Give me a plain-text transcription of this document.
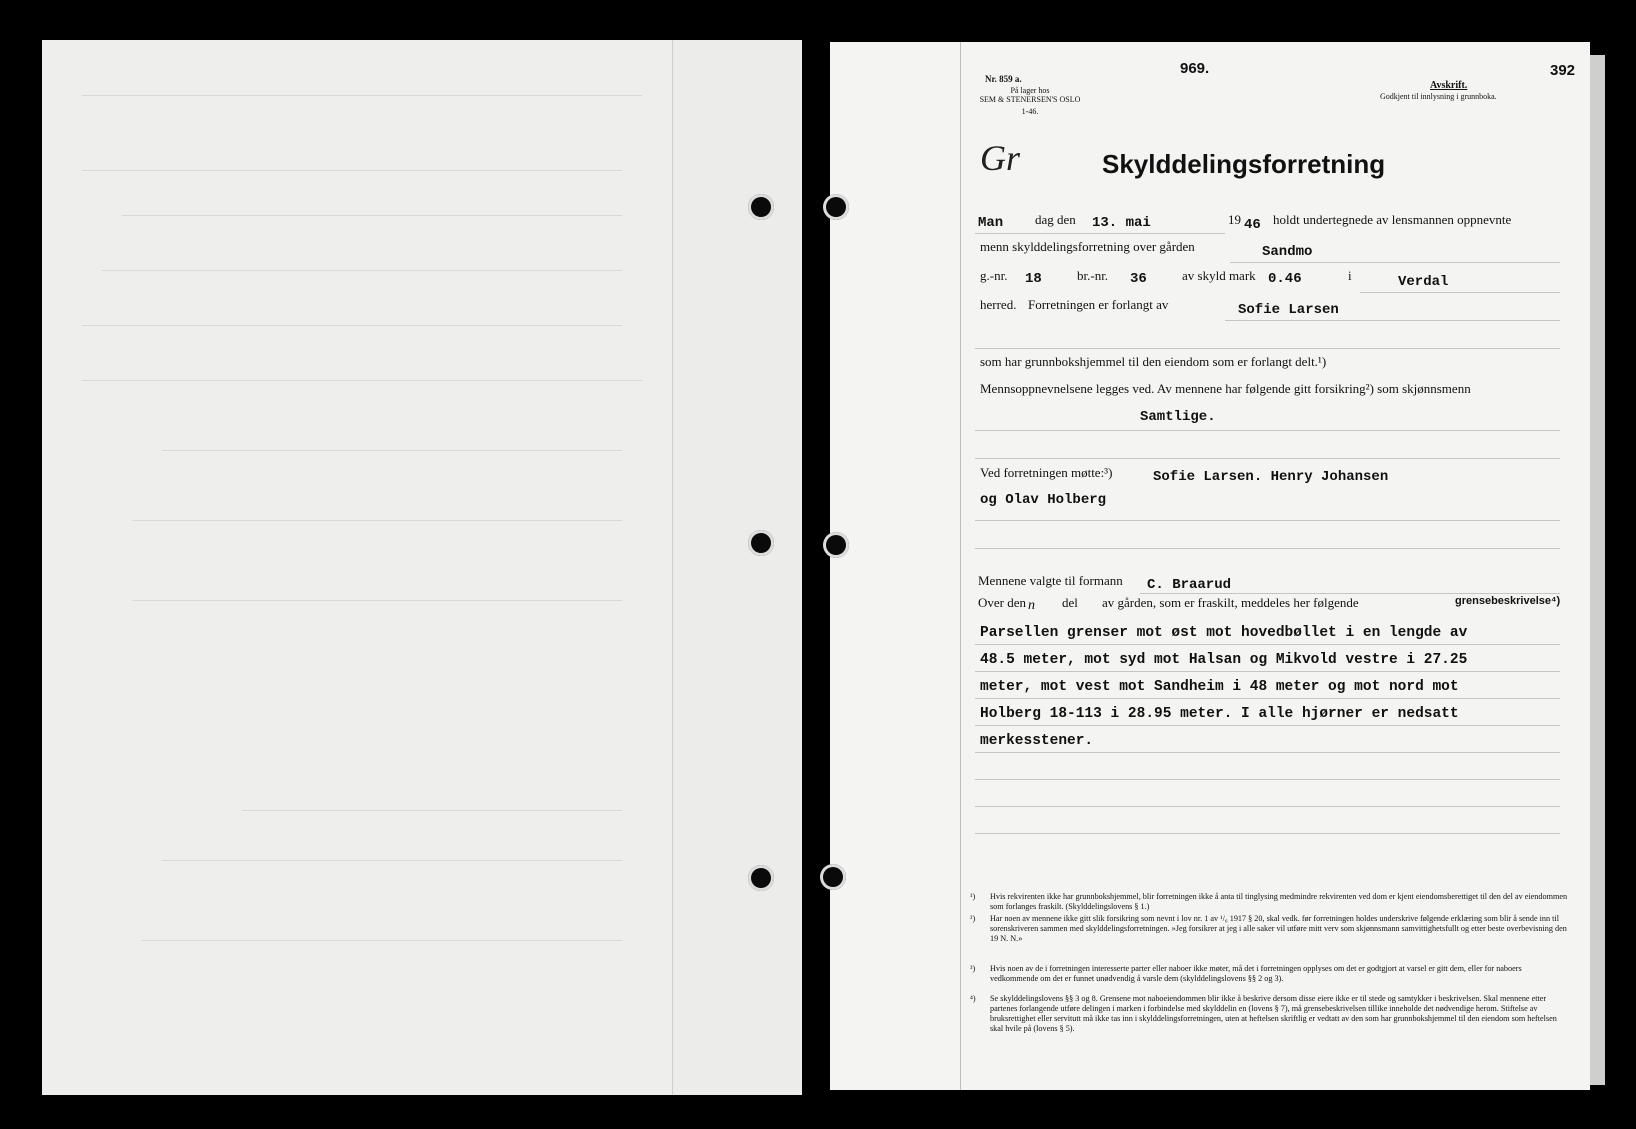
Nr. 859 a.
På lager hos
SEM & STENERSEN'S OSLO
1-46.
969.
Avskrift.
Godkjent til innlysning i grunnboka.
392
Gr	Skylddelingsforretning
Man dag den 13. mai	19 46 holdt undertegnede av lensmannen oppnevnte
menn skylddelingsforretning over gården	Sandmo
g.-nr. 18	br.-nr. 36	av skyld mark 0.46	i	Verdal
herred. Forretningen er forlangt av	Sofie Larsen
som har grunnbokshjemmel til den eiendom som er forlangt delt.¹)
Mennsoppnevnelsene legges ved. Av mennene har følgende gitt forsikring²) som skjønnsmenn
Samtlige.
Ved forretningen møtte:³)	Sofie Larsen. Henry Johansen
og Olav Holberg
Mennene valgte til formann C. Braarud
Over den n del av gården, som er fraskilt, meddeles her følgende	grensebeskrivelse⁴)
Parsellen grenser mot øst mot hovedbøllet i en lengde av 48.5 meter, mot syd mot Halsan og Mikvold vestre i 27.25 meter, mot vest mot Sandheim i 48 meter og mot nord mot Holberg 18-113 i 28.95 meter. I alle hjørner er nedsatt merkesstener.
¹)	Hvis rekvirenten ikke har grunnbokshjemmel, blir forretningen ikke å anta til tinglysing medmindre rekvirenten ved dom er kjent eiendomsberettiget til den del av eiendommen som forlanges fraskilt. (Skylddelingslovens § 1.)
²)	Har noen av mennene ikke gitt slik forsikring som nevnt i lov nr. 1 av ¹/₆ 1917 § 20, skal vedk. før forretningen holdes underskrive følgende erklæring som blir å sende inn til sorenskriveren sammen med skylddelingsforretningen. »Jeg forsikrer at jeg i alle saker vil utføre mitt verv som skjønnsmann samvittighetsfullt og etter beste overbevisning den 19 N. N.»
³)	Hvis noen av de i forretningen interesserte parter eller naboer ikke møter, må det i forretningen opplyses om det er godtgjort at varsel er gitt dem, eller for naboers vedkommende om det er funnet unødvendig å varsle dem (skylddelingslovens §§ 2 og 3).
⁴)	Se skylddelingslovens §§ 3 og 8. Grensene mot naboeiendommen blir ikke å beskrive dersom disse eiere ikke er til stede og samtykker i beskrivelsen. Skal mennene etter partenes forlangende utføre delingen i marken i forbindelse med skylddelin en (lovens § 7), må grensebeskrivelsen tillike inneholde det nødvendige herom. Stiftelse av bruksrettighet eller servitutt må ikke tas inn i skylddelingsforretningen, uten at heftelsen skriftlig er vedtatt av den som har grunnbokshjemmel til den eiendom som heftelsen skal hvile på (lovens § 5).
